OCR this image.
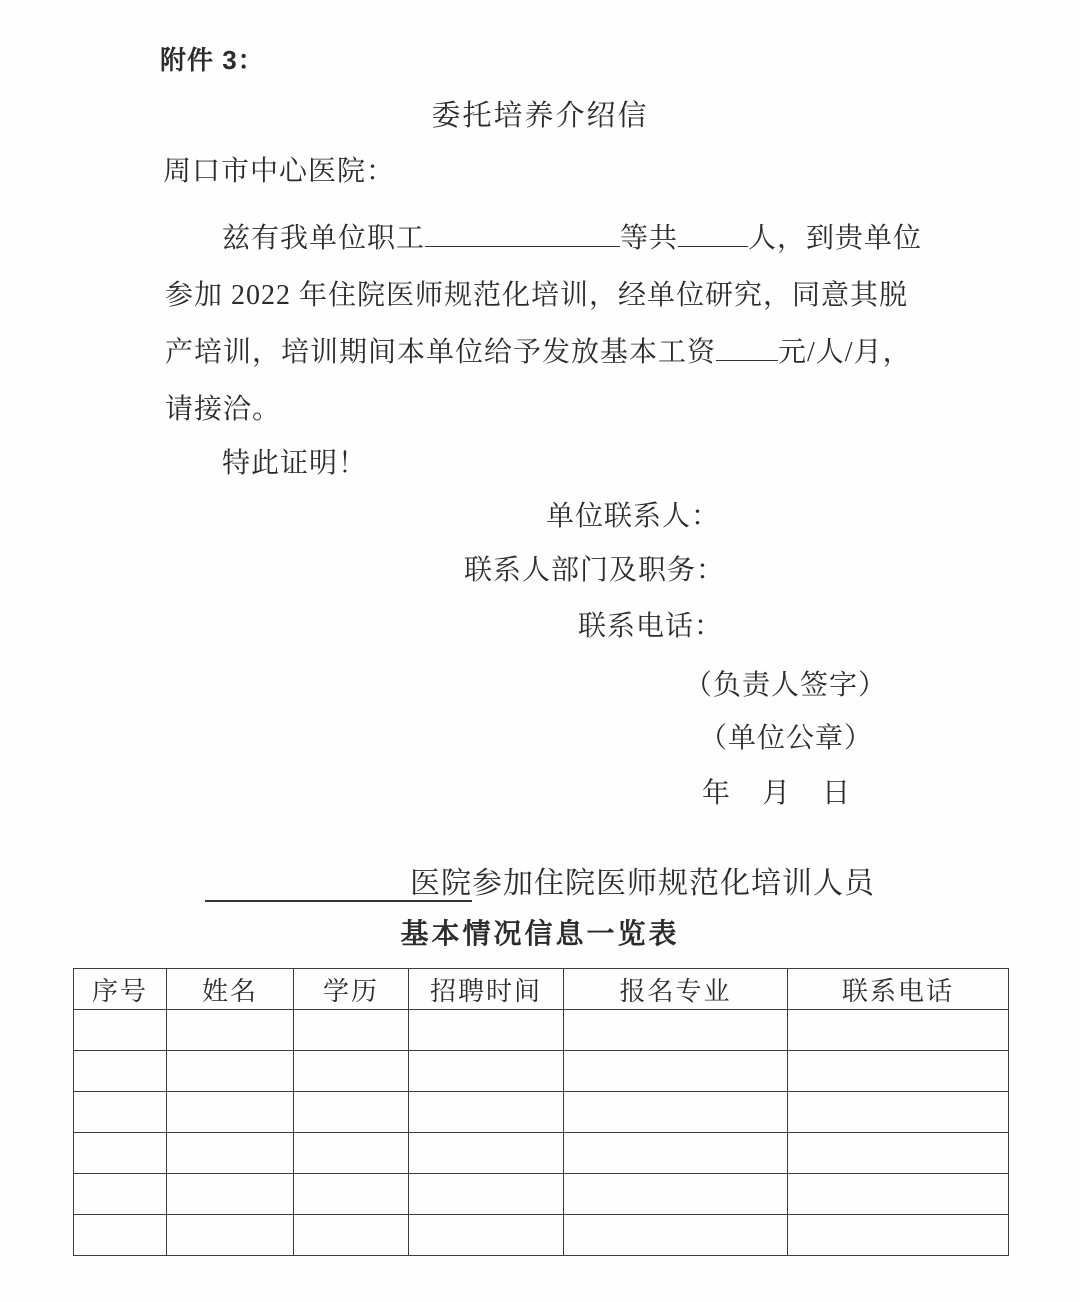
附件 3：
委托培养介绍信
周口市中心医院：
兹有我单位职工	等共	人，到贵单位
参加 2022 年住院医师规范化培训，经单位研究，同意其脱
产培训，培训期间本单位给予发放基本工资 元/人/月，
请接洽。
特此证明！
单位联系人：
联系人部门及职务：
联系电话：
（负责人签字）
（单位公章）
年　月　日
医院参加住院医师规范化培训人员
基本情况信息一览表
序号	姓名	学历	招聘时间	报名专业	联系电话
